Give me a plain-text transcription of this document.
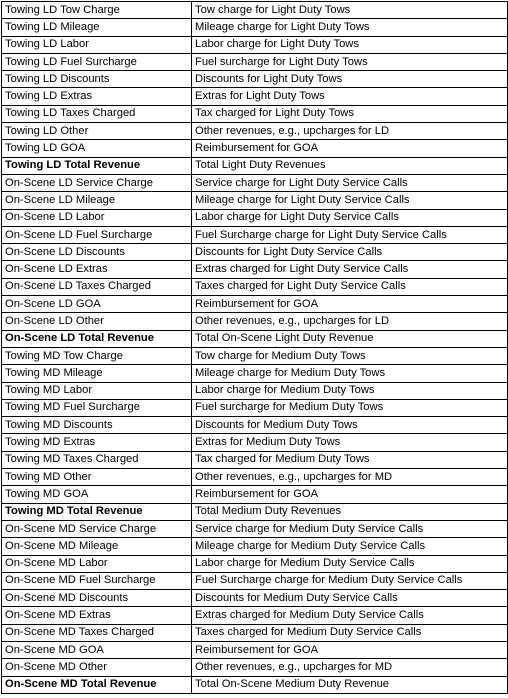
Towing LD Tow Charge	Tow charge for Light Duty Tows
Towing LD Mileage	Mileage charge for Light Duty Tows
Towing LD Labor	Labor charge for Light Duty Tows
Towing LD Fuel Surcharge	Fuel surcharge for Light Duty Tows
Towing LD Discounts	Discounts for Light Duty Tows
Towing LD Extras	Extras for Light Duty Tows
Towing LD Taxes Charged	Tax charged for Light Duty Tows
Towing LD Other	Other revenues, e.g., upcharges for LD
Towing LD GOA	Reimbursement for GOA
Towing LD Total Revenue	Total Light Duty Revenues
On-Scene LD Service Charge	Service charge for Light Duty Service Calls
On-Scene LD Mileage	Mileage charge for Light Duty Service Calls
On-Scene LD Labor	Labor charge for Light Duty Service Calls
On-Scene LD Fuel Surcharge	Fuel Surcharge charge for Light Duty Service Calls
On-Scene LD Discounts	Discounts for Light Duty Service Calls
On-Scene LD Extras	Extras charged for Light Duty Service Calls
On-Scene LD Taxes Charged	Taxes charged for Light Duty Service Calls
On-Scene LD GOA	Reimbursement for GOA
On-Scene LD Other	Other revenues, e.g., upcharges for LD
On-Scene LD Total Revenue	Total On-Scene Light Duty Revenue
Towing MD Tow Charge	Tow charge for Medium Duty Tows
Towing MD Mileage	Mileage charge for Medium Duty Tows
Towing MD Labor	Labor charge for Medium Duty Tows
Towing MD Fuel Surcharge	Fuel surcharge for Medium Duty Tows
Towing MD Discounts	Discounts for Medium Duty Tows
Towing MD Extras	Extras for Medium Duty Tows
Towing MD Taxes Charged	Tax charged for Medium Duty Tows
Towing MD Other	Other revenues, e.g., upcharges for MD
Towing MD GOA	Reimbursement for GOA
Towing MD Total Revenue	Total Medium Duty Revenues
On-Scene MD Service Charge	Service charge for Medium Duty Service Calls
On-Scene MD Mileage	Mileage charge for Medium Duty Service Calls
On-Scene MD Labor	Labor charge for Medium Duty Service Calls
On-Scene MD Fuel Surcharge	Fuel Surcharge charge for Medium Duty Service Calls
On-Scene MD Discounts	Discounts for Medium Duty Service Calls
On-Scene MD Extras	Extras charged for Medium Duty Service Calls
On-Scene MD Taxes Charged	Taxes charged for Medium Duty Service Calls
On-Scene MD GOA	Reimbursement for GOA
On-Scene MD Other	Other revenues, e.g., upcharges for MD
On-Scene MD Total Revenue	Total On-Scene Medium Duty Revenue
